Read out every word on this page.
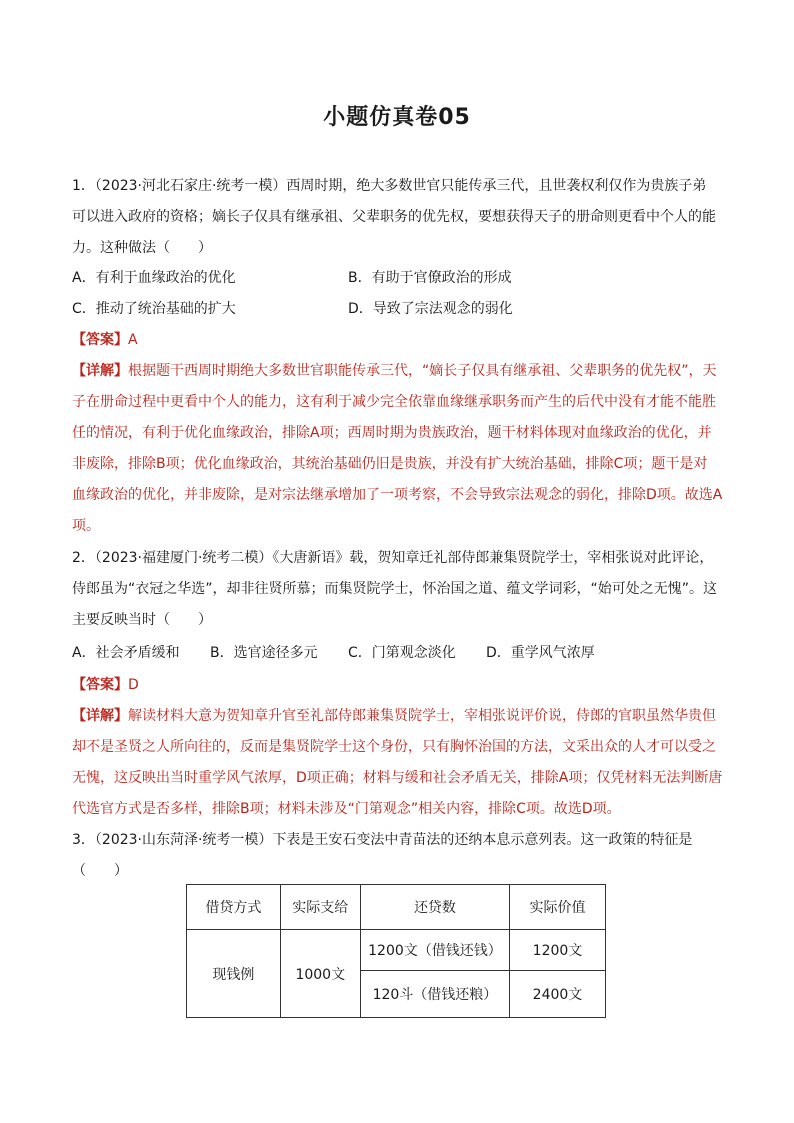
小题仿真卷05
1．（2023·河北石家庄·统考一模）西周时期，绝大多数世官只能传承三代，且世袭权利仅作为贵族子弟
可以进入政府的资格；嫡长子仅具有继承祖、父辈职务的优先权，要想获得天子的册命则更看中个人的能
力。这种做法（　　）
A．有利于血缘政治的优化	B．有助于官僚政治的形成
C．推动了统治基础的扩大	D．导致了宗法观念的弱化
【答案】A
【详解】根据题干西周时期绝大多数世官职能传承三代，“嫡长子仅具有继承祖、父辈职务的优先权”，天
子在册命过程中更看中个人的能力，这有利于减少完全依靠血缘继承职务而产生的后代中没有才能不能胜
任的情况，有利于优化血缘政治，排除A项；西周时期为贵族政治，题干材料体现对血缘政治的优化，并
非废除，排除B项；优化血缘政治，其统治基础仍旧是贵族，并没有扩大统治基础，排除C项；题干是对
血缘政治的优化，并非废除，是对宗法继承增加了一项考察，不会导致宗法观念的弱化，排除D项。故选A
项。
2．（2023·福建厦门·统考二模）《大唐新语》载，贺知章迁礼部侍郎兼集贤院学士，宰相张说对此评论，
侍郎虽为“衣冠之华选”，却非往贤所慕；而集贤院学士，怀治国之道、蕴文学词彩，“始可处之无愧”。这
主要反映当时（　　）
A．社会矛盾缓和 B．选官途径多元 C．门第观念淡化 D．重学风气浓厚
【答案】D
【详解】解读材料大意为贺知章升官至礼部侍郎兼集贤院学士，宰相张说评价说，侍郎的官职虽然华贵但
却不是圣贤之人所向往的，反而是集贤院学士这个身份，只有胸怀治国的方法，文采出众的人才可以受之
无愧，这反映出当时重学风气浓厚，D项正确；材料与缓和社会矛盾无关，排除A项；仅凭材料无法判断唐
代选官方式是否多样，排除B项；材料未涉及“门第观念”相关内容，排除C项。故选D项。
3．（2023·山东菏泽·统考一模）下表是王安石变法中青苗法的还纳本息示意列表。这一政策的特征是
（　　）
借贷方式	实际支给	还贷数	实际价值
现钱例	1000文	1200文（借钱还钱）	1200文
		120斗（借钱还粮）	2400文
